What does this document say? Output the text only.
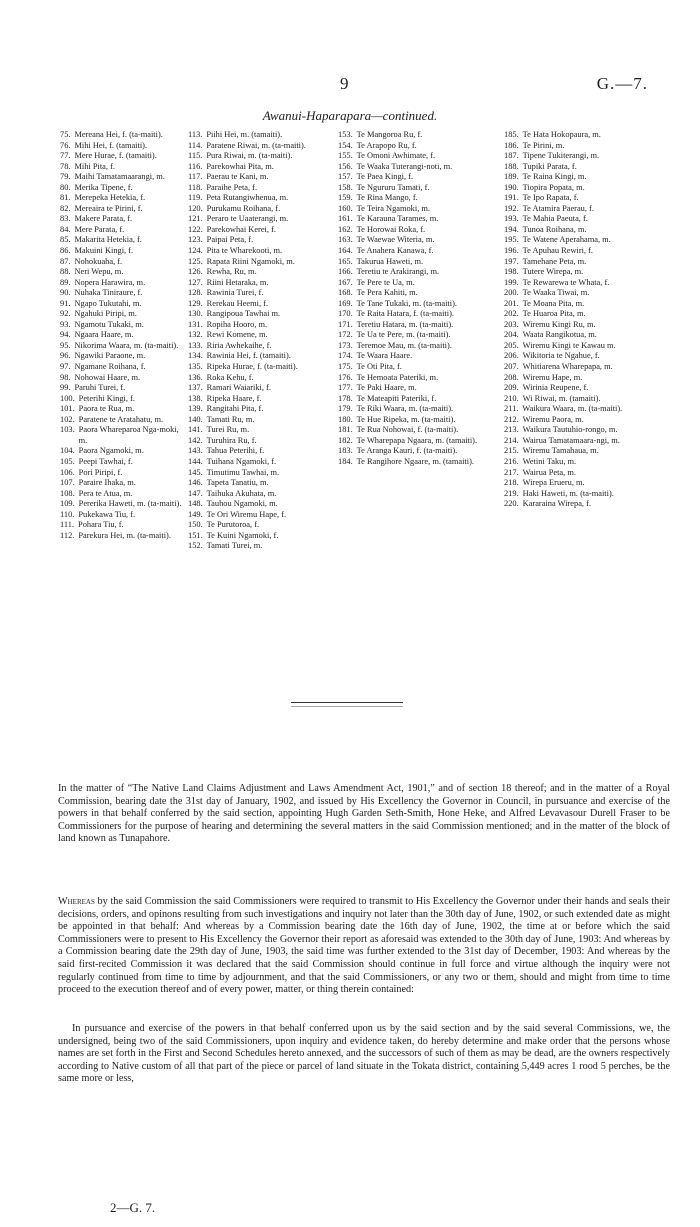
9	G.—7.
Awanui-Haparapara—continued.
75. Mereana Hei, f. (ta-maiti).
76. Mihi Hei, f. (tamaiti).
77. Mere Hurae, f. (tamaiti).
78. Mihi Pita, f.
79. Maihi Tamatamaarangi, m.
80. Merika Tipene, f.
81. Merepeka Hetekia, f.
82. Mereaira te Pirini, f.
83. Makere Parata, f.
84. Mere Parata, f.
85. Makarita Hetekia, f.
86. Makuini Kingi, f.
87. Nohokuaha, f.
88. Neri Wepu, m.
89. Nopera Harawira, m.
90. Nuhaka Tiniraure, f.
91. Ngapo Tukutahi, m.
92. Ngahuki Piripi, m.
93. Ngamotu Tukaki, m.
94. Ngaara Haare, m.
95. Nikorima Waara, m. (ta-maiti).
96. Ngawiki Paraone, m.
97. Ngamane Roihana, f.
98. Nohowai Haare, m.
99. Paruhi Turei, f.
100. Peterihi Kingi, f.
101. Paora te Rua, m.
102. Paratene te Aratahatu, m.
103. Paora Whareparoa Nga-moki, m.
104. Paora Ngamoki, m.
105. Peepi Tawhai, f.
106. Pori Piripi, f.
107. Paraire Ihaka, m.
108. Pera te Atua, m.
109. Pererika Haweti, m. (ta-maiti).
110. Pukekawa Tiu, f.
111. Pohara Tiu, f.
112. Parekura Hei, m. (ta-maiti).
113. Piihi Hei, m. (tamaiti).
114. Paratene Riwai, m. (ta-maiti).
115. Pura Riwai, m. (ta-maiti).
116. Parekowhai Pita, m.
117. Paerau te Kani, m.
118. Paraihe Peta, f.
119. Peta Rutangiwhenua, m.
120. Purukamu Roihana, f.
121. Peraro te Uaaterangi, m.
122. Parekowhai Kerei, f.
123. Paipai Peta, f.
124. Pita te Wharekooti, m.
125. Rapata Riini Ngamoki, m.
126. Rewha, Ru, m.
127. Riini Hetaraka, m.
128. Rawinia Turei, f.
129. Rerekau Heemi, f.
130. Rangipoua Tawhai m.
131. Ropiha Hooro, m.
132. Rewi Komene, m.
133. Riria Awhekaihe, f.
134. Rawinia Hei, f. (tamaiti).
135. Ripeka Hurae, f. (ta-maiti).
136. Roka Kehu, f.
137. Ramari Waiariki, f.
138. Ripeka Haare, f.
139. Rangitahi Pita, f.
140. Tamati Ru, m.
141. Turei Ru, m.
142. Turuhira Ru, f.
143. Tahua Peterihi, f.
144. Tuihana Ngamoki, f.
145. Timutimu Tawhai, m.
146. Tapeta Tanatiu, m.
147. Taihuka Akuhata, m.
148. Tauhou Ngamoki, m.
149. Te Ori Wiremu Hape, f.
150. Te Purutoroa, f.
151. Te Kuini Ngamoki, f.
152. Tamati Turei, m.
153. Te Mangoroa Ru, f.
154. Te Arapopo Ru, f.
155. Te Omoni Awhimate, f.
156. Te Waaka Tuterangi-noti, m.
157. Te Paea Kingi, f.
158. Te Ngururu Tamati, f.
159. Te Rina Mango, f.
160. Te Teira Ngamoki, m.
161. Te Karauna Tarames, m.
162. Te Horowai Roka, f.
163. Te Waewae Witeria, m.
164. Te Anahera Kanawa, f.
165. Takurua Haweti, m.
166. Teretiu te Arakirangi, m.
167. Te Pere te Ua, m.
168. Te Pera Kahiti, m.
169. Te Tane Tukaki, m. (ta-maiti).
170. Te Raita Hatara, f. (ta-maiti).
171. Teretiu Hatara, m. (ta-maiti).
172. Te Ua te Pere, m. (ta-maiti).
173. Teremoe Mau, m. (ta-maiti).
174. Te Waara Haare.
175. Te Oti Pita, f.
176. Te Hemoata Pateriki, m.
177. Te Paki Haare, m.
178. Te Mateapiti Pateriki, f.
179. Te Riki Waara, m. (ta-maiti).
180. Te Hue Ripeka, m. (ta-maiti).
181. Te Rua Nohowai, f. (ta-maiti).
182. Te Wharepapa Ngaara, m. (tamaiti).
183. Te Aranga Kauri, f. (ta-maiti).
184. Te Rangihore Ngaare, m. (tamaiti).
185. Te Hata Hokopaura, m.
186. Te Pirini, m.
187. Tipene Tukiterangi, m.
188. Tupiki Parata, f.
189. Te Raina Kingi, m.
190. Tiopira Popata, m.
191. Te Ipo Rapata, f.
192. Te Atamira Paerau, f.
193. Te Mahia Paeuta, f.
194. Tunoa Roihana, m.
195. Te Watene Aperahama, m.
196. Te Apuhau Rewiri, f.
197. Tamehane Peta, m.
198. Tutere Wirepa, m.
199. Te Rewarewa te Whata, f.
200. Te Waaka Tiwai, m.
201. Te Moana Pita, m.
202. Te Huaroa Pita, m.
203. Wiremu Kingi Ru, m.
204. Waata Rangikotua, m.
205. Wiremu Kingi te Kawau m.
206. Wikitoria te Ngahue, f.
207. Whitiarena Wharepapa, m.
208. Wiremu Hape, m.
209. Wirinia Reupene, f.
210. Wi Riwai, m. (tamaiti).
211. Waikura Waara, m. (ta-maiti).
212. Wiremu Paora, m.
213. Waikura Tautuhio-rongo, m.
214. Wairua Tamatamaara-ngi, m.
215. Wiremu Tamahaua, m.
216. Wetini Taku, m.
217. Wairua Peta, m.
218. Wirepa Erueru, m.
219. Haki Haweti, m. (ta-maiti).
220. Kararaina Wirepa, f.
In the matter of “The Native Land Claims Adjustment and Laws Amendment Act, 1901,” and of section 18 thereof; and in the matter of a Royal Commission, bearing date the 31st day of January, 1902, and issued by His Excellency the Governor in Council, in pursuance and exercise of the powers in that behalf conferred by the said section, appointing Hugh Garden Seth-Smith, Hone Heke, and Alfred Levavasour Durell Fraser to be Commissioners for the purpose of hearing and determining the several matters in the said Commission mentioned; and in the matter of the block of land known as Tunapahore.
Whereas by the said Commission the said Commissioners were required to transmit to His Excellency the Governor under their hands and seals their decisions, orders, and opinons resulting from such investigations and inquiry not later than the 30th day of June, 1902, or such extended date as might be appointed in that behalf: And whereas by a Commission bearing date the 16th day of June, 1902, the time at or before which the said Commissioners were to present to His Excellency the Governor their report as aforesaid was extended to the 30th day of June, 1903: And whereas by a Commission bearing date the 29th day of June, 1903, the said time was further extended to the 31st day of December, 1903: And whereas by the said first-recited Commission it was declared that the said Commission should continue in full force and virtue although the inquiry were not regularly continued from time to time by adjournment, and that the said Commissioners, or any two or them, should and might from time to time proceed to the execution thereof and of every power, matter, or thing therein contained:
In pursuance and exercise of the powers in that behalf conferred upon us by the said section and by the said several Commissions, we, the undersigned, being two of the said Commissioners, upon inquiry and evidence taken, do hereby determine and make order that the persons whose names are set forth in the First and Second Schedules hereto annexed, and the successors of such of them as may be dead, are the owners respectively according to Native custom of all that part of the piece or parcel of land situate in the Tokata district, containing 5,449 acres 1 rood 5 perches, be the same more or less,
2—G. 7.
